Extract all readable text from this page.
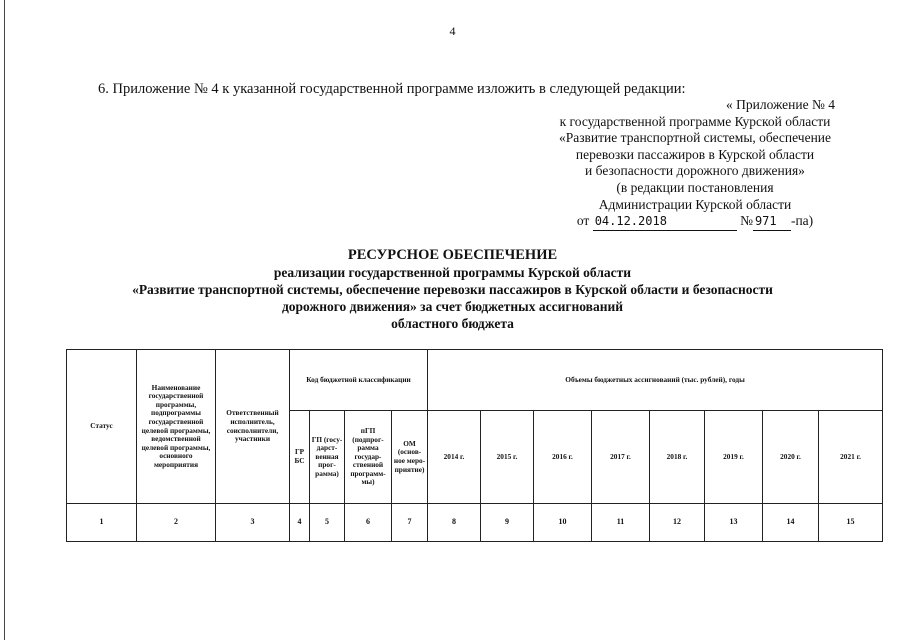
4
6. Приложение № 4 к указанной государственной программе изложить в следующей редакции:
« Приложение № 4
к государственной программе Курской области
«Развитие транспортной системы, обеспечение
перевозки пассажиров в Курской области
и безопасности дорожного движения»
(в редакции постановления
Администрации Курской области
от 04.12.2018	№ 971 -па)
РЕСУРСНОЕ ОБЕСПЕЧЕНИЕ
реализации государственной программы Курской области
«Развитие транспортной системы, обеспечение перевозки пассажиров в Курской области и безопасности
дорожного движения» за счет бюджетных ассигнований
областного бюджета
Статус	Наименование государственной программы, подпрограммы государственной целевой программы, ведомственной целевой программы, основного мероприятия	Ответственный исполнитель, соисполнители, участники	Код бюджетной классификации				Объемы бюджетных ассигнований (тыс. рублей), годы							
			ГР БС	ГП (госу-дарст-венная прог-рамма)	пГП (подпрог-рамма государ-ственной программ-мы)	ОМ (основ-ное меро-приятие)	2014 г.	2015 г.	2016 г.	2017 г.	2018 г.	2019 г.	2020 г.	2021 г.
1	2	3	4	5	6	7	8	9	10	11	12	13	14	15
